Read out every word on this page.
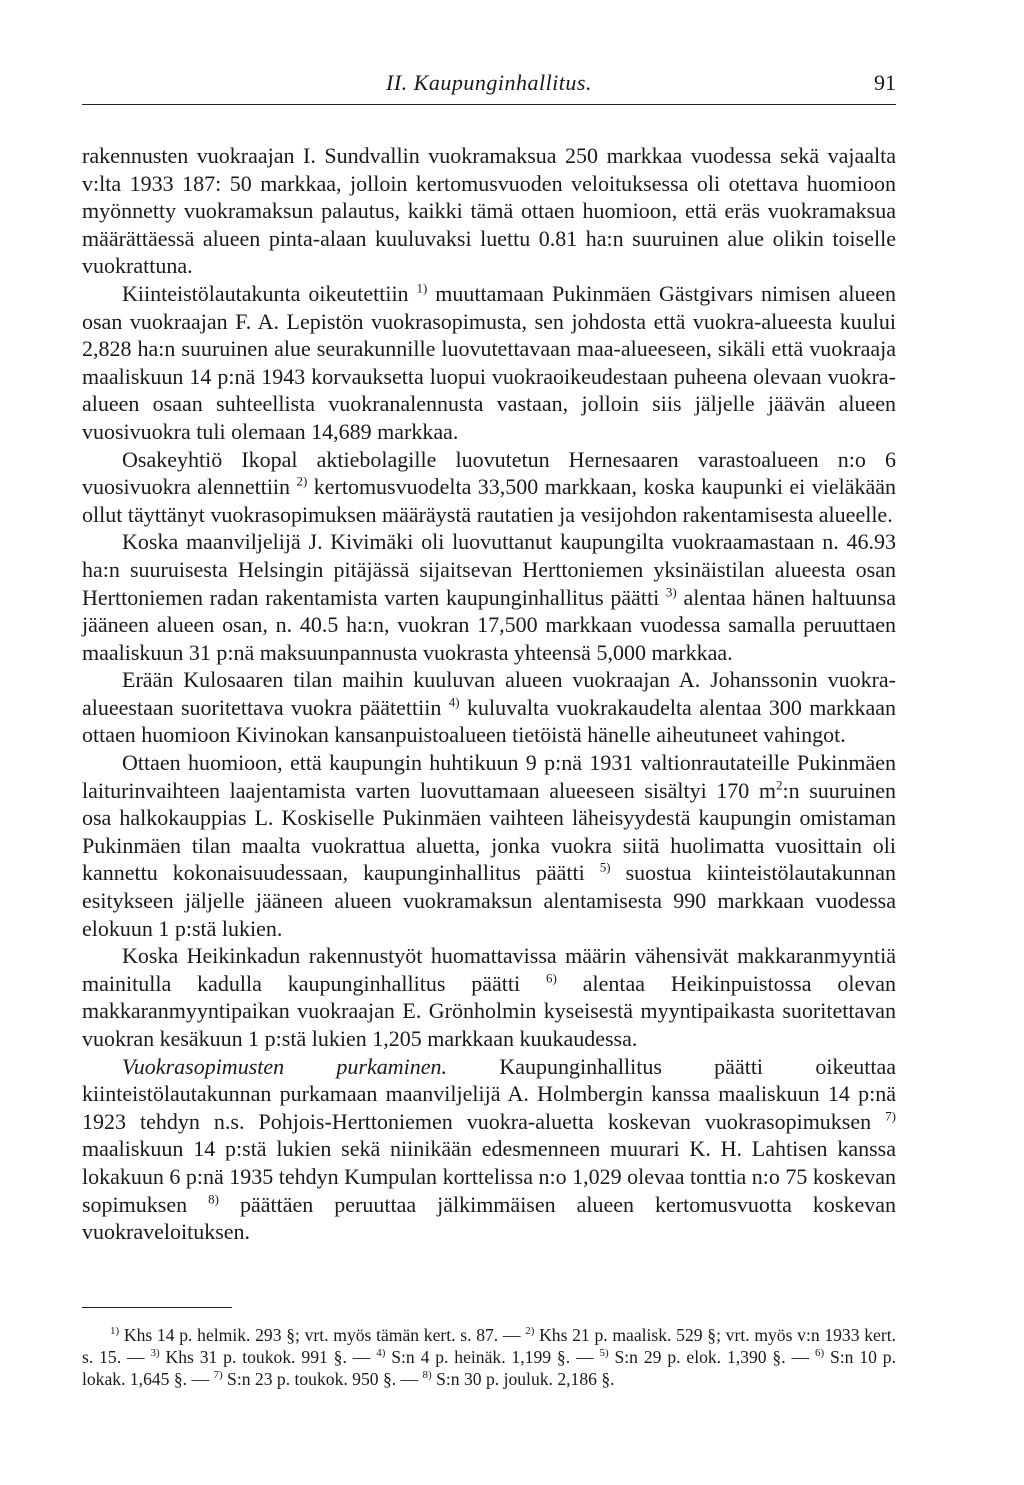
II. Kaupunginhallitus.	91

rakennusten vuokraajan I. Sundvallin vuokramaksua 250 markkaa vuodessa sekä vajaalta v:lta 1933 187: 50 markkaa, jolloin kertomusvuoden veloituksessa oli otettava huomioon myönnetty vuokramaksun palautus, kaikki tämä ottaen huomioon, että eräs vuokramaksua määrättäessä alueen pinta-alaan kuuluvaksi luettu 0.81 ha:n suuruinen alue olikin toiselle vuokrattuna.

Kiinteistölautakunta oikeutettiin $^{1)}$ muuttamaan Pukinmäen Gästgivars nimisen alueen osan vuokraajan F. A. Lepistön vuokrasopimusta, sen johdosta että vuokra-alueesta kuului 2,828 ha:n suuruinen alue seurakunnille luovutettavaan maa-alueeseen, sikäli että vuokraaja maaliskuun 14 p:nä 1943 korvauksetta luopui vuokraoikeudestaan puheena olevaan vuokra-alueen osaan suhteellista vuokranalennusta vastaan, jolloin siis jäljelle jäävän alueen vuosivuokra tuli olemaan 14,689 markkaa.

Osakeyhtiö Ikopal aktiebolagille luovutetun Hernesaaren varastoalueen n:o 6 vuosivuokra alennettiin $^{2)}$ kertomusvuodelta 33,500 markkaan, koska kaupunki ei vieläkään ollut täyttänyt vuokrasopimuksen määräystä rautatien ja vesijohdon rakentamisesta alueelle.

Koska maanviljelijä J. Kivimäki oli luovuttanut kaupungilta vuokraamastaan n. 46.93 ha:n suuruisesta Helsingin pitäjässä sijaitsevan Herttoniemen yksinäistilan alueesta osan Herttoniemen radan rakentamista varten kaupunginhallitus päätti $^{3)}$ alentaa hänen haltuunsa jääneen alueen osan, n. 40.5 ha:n, vuokran 17,500 markkaan vuodessa samalla peruuttaen maaliskuun 31 p:nä maksuunpannusta vuokrasta yhteensä 5,000 markkaa.

Erään Kulosaaren tilan maihin kuuluvan alueen vuokraajan A. Johanssonin vuokra-alueestaan suoritettava vuokra päätettiin $^{4)}$ kuluvalta vuokrakaudelta alentaa 300 markkaan ottaen huomioon Kivinokan kansanpuistoalueen tietöistä hänelle aiheutuneet vahingot.

Ottaen huomioon, että kaupungin huhtikuun 9 p:nä 1931 valtionrautateille Pukinmäen laiturinvaihteen laajentamista varten luovuttamaan alueeseen sisältyi 170 $m^2:n$ suuruinen osa halkokauppias L. Koskiselle Pukinmäen vaihteen läheisyydestä kaupungin omistaman Pukinmäen tilan maalta vuokrattua aluetta, jonka vuokra siitä huolimatta vuosittain oli kannettu kokonaisuudessaan, kaupunginhallitus päätti $^{5)}$ suostua kiinteistölautakunnan esitykseen jäljelle jääneen alueen vuokramaksun alentamisesta 990 markkaan vuodessa elokuun 1 p:stä lukien.

Koska Heikinkadun rakennustyöt huomattavissa määrin vähensivät makkaranmyyntiä mainitulla kadulla kaupunginhallitus päätti $^{6)}$ alentaa Heikinpuistossa olevan makkaranmyyntipaikan vuokraajan E. Grönholmin kyseisestä myyntipaikasta suoritettavan vuokran kesäkuun 1 p:stä lukien 1,205 markkaan kuukaudessa.

Vuokrasopimusten purkaminen. Kaupunginhallitus päätti oikeuttaa kiinteistölautakunnan purkamaan maanviljelijä A. Holmbergin kanssa maaliskuun 14 p:nä 1923 tehdyn n.s. Pohjois-Herttoniemen vuokra-aluetta koskevan vuokrasopimuksen $^{7)}$ maaliskuun 14 p:stä lukien sekä niinikään edesmenneen muurari K. H. Lahtisen kanssa lokakuun 6 p:nä 1935 tehdyn Kumpulan korttelissa n:o 1,029 olevaa tonttia n:o 75 koskevan sopimuksen $^{8)}$ päättäen peruuttaa jälkimmäisen alueen kertomusvuotta koskevan vuokraveloituksen.

$^{1)}$ Khs 14 p. helmik. 293 §; vrt. myös tämän kert. s. 87. — $^{2)}$ Khs 21 p. maalisk. 529 §; vrt. myös v:n 1933 kert. s. 15. — $^{3)}$ Khs 31 p. toukok. 991 §. — $^{4)}$ S:n 4 p. heinäk. 1,199 §. — $^{5)}$ S:n 29 p. elok. 1,390 §. — $^{6)}$ S:n 10 p. lokak. 1,645 §. — $^{7)}$ S:n 23 p. toukok. 950 §. — $^{8)}$ S:n 30 p. jouluk. 2,186 §.
